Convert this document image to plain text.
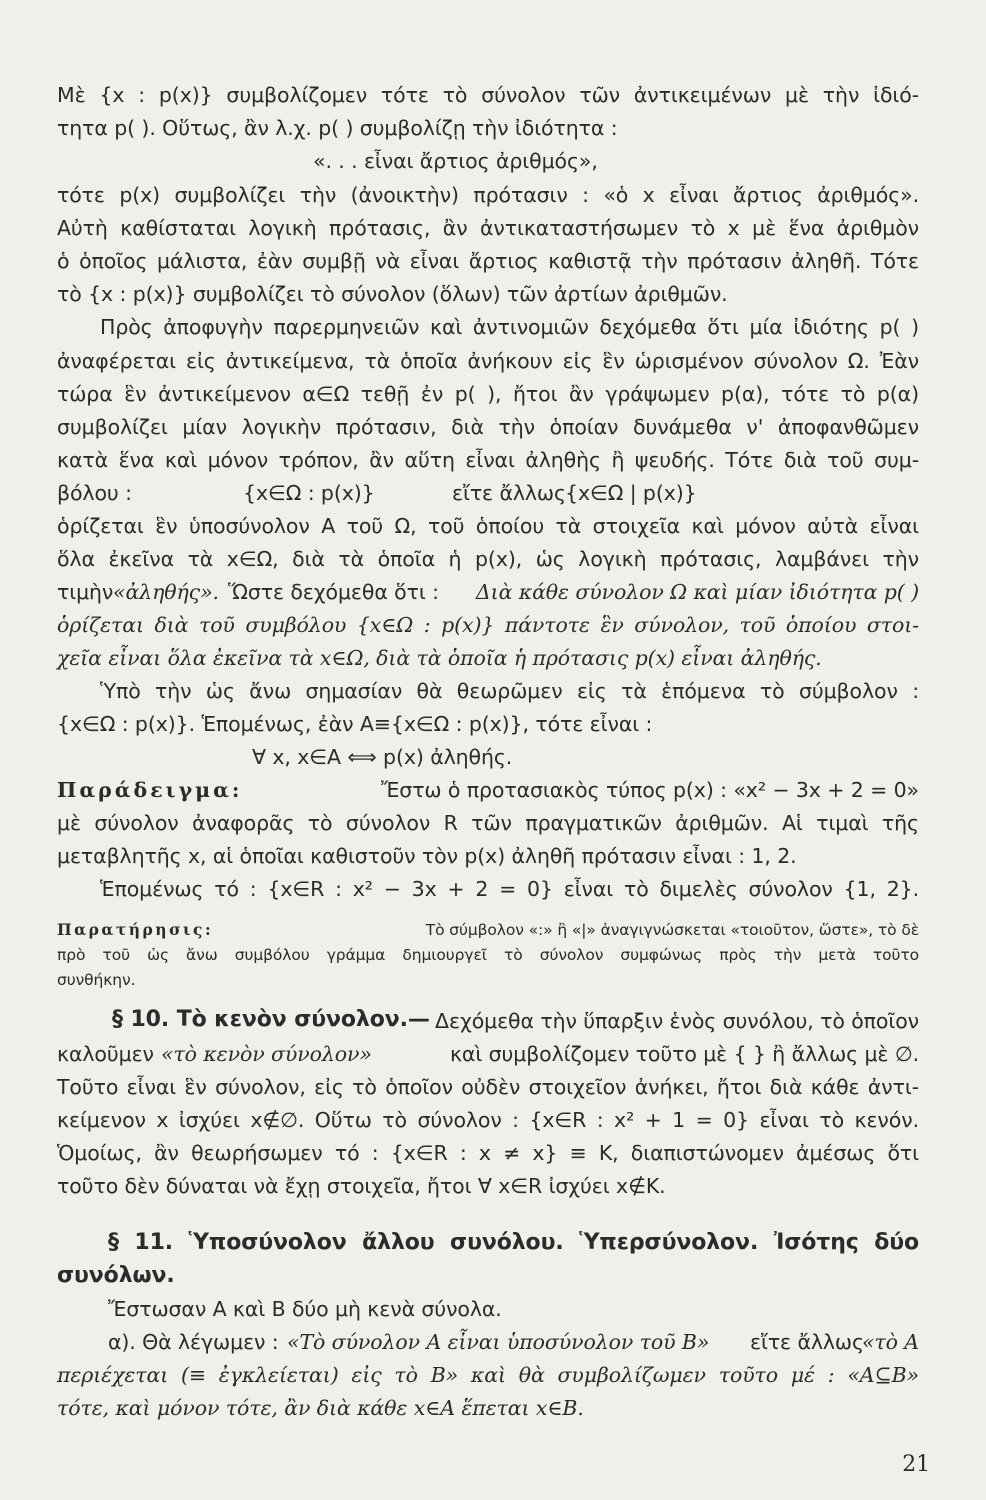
Μὲ {x : p(x)} συμβολίζομεν τότε τὸ σύνολον τῶν ἀντικειμένων μὲ τὴν ἰδιό-
τητα p( ). Οὕτως, ἂν λ.χ. p( ) συμβολίζῃ τὴν ἰδιότητα :
«. . . εἶναι ἄρτιος ἀριθμός»,
τότε p(x) συμβολίζει τὴν (ἀνοικτὴν) πρότασιν : «ὁ x εἶναι ἄρτιος ἀριθμός».
Αὐτὴ καθίσταται λογικὴ πρότασις, ἂν ἀντικαταστήσωμεν τὸ x μὲ ἕνα ἀριθμὸν
ὁ ὁποῖος μάλιστα, ἐὰν συμβῇ νὰ εἶναι ἄρτιος καθιστᾷ τὴν πρότασιν ἀληθῆ. Τότε
τὸ {x : p(x)} συμβολίζει τὸ σύνολον (ὅλων) τῶν ἀρτίων ἀριθμῶν.
Πρὸς ἀποφυγὴν παρερμηνειῶν καὶ ἀντινομιῶν δεχόμεθα ὅτι μία ἰδιότης p( )
ἀναφέρεται εἰς ἀντικείμενα, τὰ ὁποῖα ἀνήκουν εἰς ἓν ὡρισμένον σύνολον Ω. Ἐὰν
τώρα ἓν ἀντικείμενον α∈Ω τεθῇ ἐν p( ), ἤτοι ἂν γράψωμεν p(α), τότε τὸ p(α)
συμβολίζει μίαν λογικὴν πρότασιν, διὰ τὴν ὁποίαν δυνάμεθα ν' ἀποφανθῶμεν
κατὰ ἕνα καὶ μόνον τρόπον, ἂν αὕτη εἶναι ἀληθὴς ἢ ψευδής. Τότε διὰ τοῦ συμ-
βόλου :	{x∈Ω : p(x)}	εἴτε ἄλλως {x∈Ω | p(x)}
ὁρίζεται ἓν ὑποσύνολον A τοῦ Ω, τοῦ ὁποίου τὰ στοιχεῖα καὶ μόνον αὐτὰ εἶναι
ὅλα ἐκεῖνα τὰ x∈Ω, διὰ τὰ ὁποῖα ἡ p(x), ὡς λογικὴ πρότασις, λαμβάνει τὴν
τιμὴν «ἀληθής». Ὥστε δεχόμεθα ὅτι :	Διὰ κάθε σύνολον Ω καὶ μίαν ἰδιότητα p( )
ὁρίζεται διὰ τοῦ συμβόλου {x∈Ω : p(x)} πάντοτε ἓν σύνολον, τοῦ ὁποίου στοι-
χεῖα εἶναι ὅλα ἐκεῖνα τὰ x∈Ω, διὰ τὰ ὁποῖα ἡ πρότασις p(x) εἶναι ἀληθής.
Ὑπὸ τὴν ὡς ἄνω σημασίαν θὰ θεωρῶμεν εἰς τὰ ἑπόμενα τὸ σύμβολον :
{x∈Ω : p(x)}. Ἑπομένως, ἐὰν A≡{x∈Ω : p(x)}, τότε εἶναι :
∀ x, x∈A ⟺ p(x) ἀληθής.
Παράδειγμα:	Ἔστω ὁ προτασιακὸς τύπος p(x) : «x² − 3x + 2 = 0»
μὲ σύνολον ἀναφορᾶς τὸ σύνολον R τῶν πραγματικῶν ἀριθμῶν. Αἱ τιμαὶ τῆς
μεταβλητῆς x, αἱ ὁποῖαι καθιστοῦν τὸν p(x) ἀληθῆ πρότασιν εἶναι : 1, 2.
Ἑπομένως τό : {x∈R : x² − 3x + 2 = 0} εἶναι τὸ διμελὲς σύνολον {1, 2}.
Παρατήρησις:	Τὸ σύμβολον «:» ἢ «|» ἀναγιγνώσκεται «τοιοῦτον, ὥστε», τὸ δὲ
πρὸ τοῦ ὡς ἄνω συμβόλου γράμμα δημιουργεῖ τὸ σύνολον συμφώνως πρὸς τὴν μετὰ τοῦτο
συνθήκην.
§ 10. Τὸ κενὸν σύνολον.— Δεχόμεθα τὴν ὕπαρξιν ἑνὸς συνόλου, τὸ ὁποῖον
καλοῦμεν «τὸ κενὸν σύνολον»	καὶ συμβολίζομεν τοῦτο μὲ { } ἢ ἄλλως μὲ ∅.
Τοῦτο εἶναι ἓν σύνολον, εἰς τὸ ὁποῖον οὐδὲν στοιχεῖον ἀνήκει, ἤτοι διὰ κάθε ἀντι-
κείμενον x ἰσχύει x∉∅. Οὕτω τὸ σύνολον : {x∈R : x² + 1 = 0} εἶναι τὸ κενόν.
Ὁμοίως, ἂν θεωρήσωμεν τό : {x∈R : x ≠ x} ≡ K, διαπιστώνομεν ἀμέσως ὅτι
τοῦτο δὲν δύναται νὰ ἔχῃ στοιχεῖα, ἤτοι ∀ x∈R ἰσχύει x∉K.
§ 11. Ὑποσύνολον ἄλλου συνόλου. Ὑπερσύνολον. Ἰσότης δύο
συνόλων.
Ἔστωσαν A καὶ B δύο μὴ κενὰ σύνολα.
α). Θὰ λέγωμεν : «Τὸ σύνολον A εἶναι ὑποσύνολον τοῦ B» εἴτε ἄλλως
«τὸ A
περιέχεται (≡ ἐγκλείεται) εἰς τὸ B» καὶ θὰ συμβολίζωμεν τοῦτο μέ : «A⊆B»
τότε, καὶ μόνον τότε, ἂν διὰ κάθε x∈A ἕπεται x∈B.
21
